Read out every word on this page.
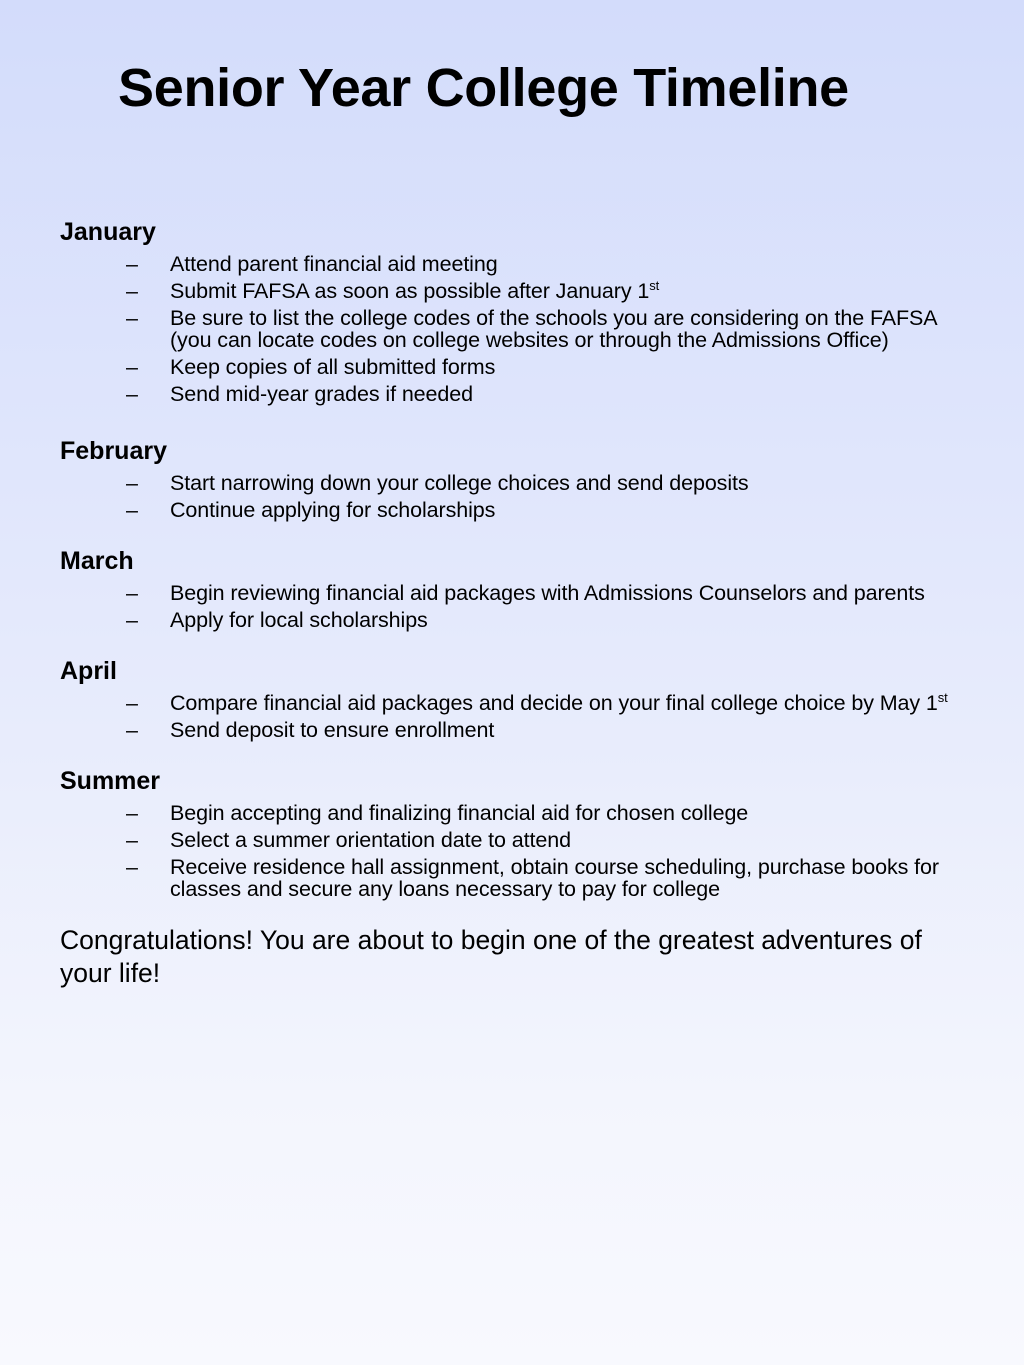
Senior Year College Timeline
January
– Attend parent financial aid meeting
– Submit FAFSA as soon as possible after January 1st
– Be sure to list the college codes of the schools you are considering on the FAFSA (you can locate codes on college websites or through the Admissions Office)
– Keep copies of all submitted forms
– Send mid-year grades if needed
February
– Start narrowing down your college choices and send deposits
– Continue applying for scholarships
March
– Begin reviewing financial aid packages with Admissions Counselors and parents
– Apply for local scholarships
April
– Compare financial aid packages and decide on your final college choice by May 1st
– Send deposit to ensure enrollment
Summer
– Begin accepting and finalizing financial aid for chosen college
– Select a summer orientation date to attend
– Receive residence hall assignment, obtain course scheduling, purchase books for classes and secure any loans necessary to pay for college

Congratulations! You are about to begin one of the greatest adventures of your life!
